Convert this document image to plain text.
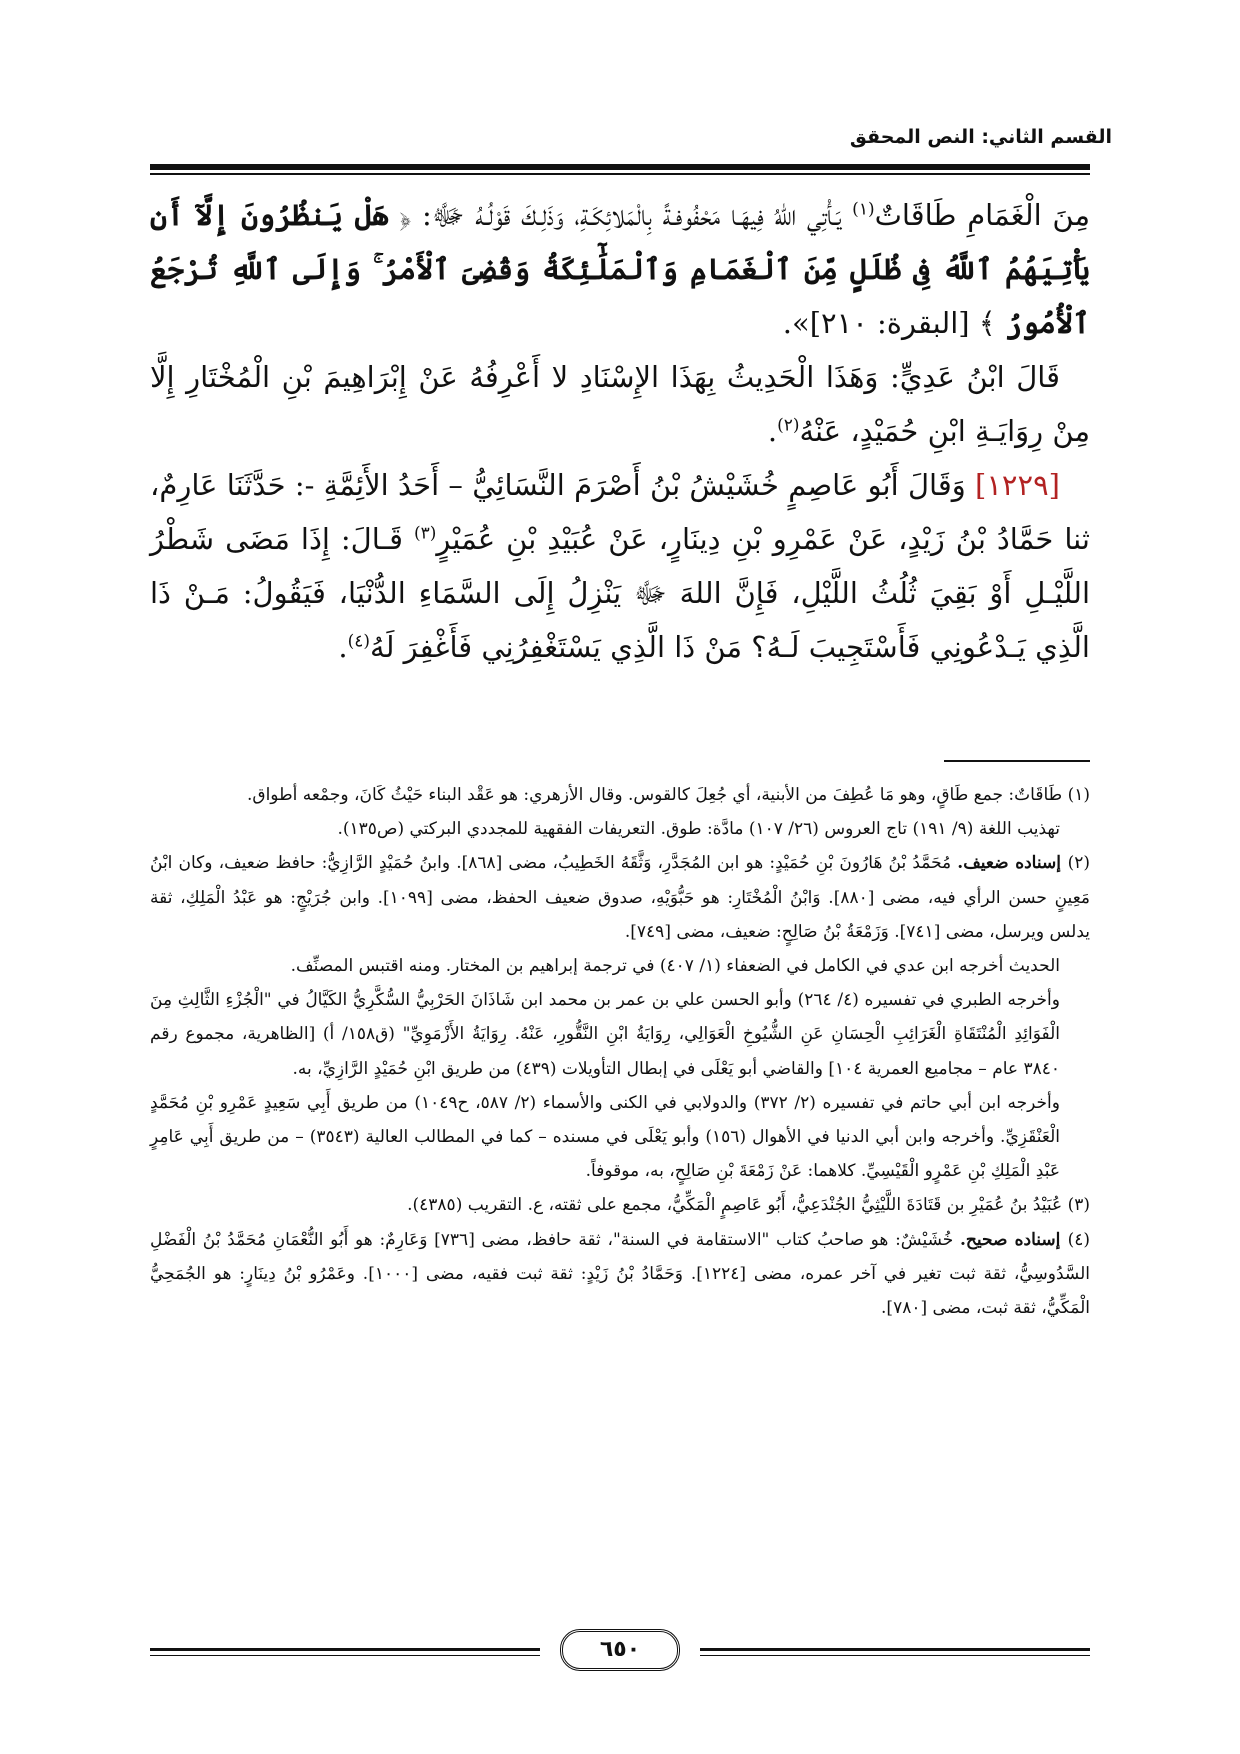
القسم الثاني: النص المحقق

مِنَ الْغَمَامِ طَاقَاتٌ$^{(١)}$ يَـأْتِي اللهُ فِيهَـا مَحْفُوفـةً بِالْمَلائِكَـةِ، وَذَلِـكَ قَوْلُـهُ ﷻ: ﴿ هَلْ يَنظُرُونَ إِلَّآ أَن يَأْتِيَهُمُ ٱللَّهُ فِى ظُلَلٍ مِّنَ ٱلْغَمَامِ وَٱلْمَلَٰٓئِكَةُ وَقُضِىَ ٱلْأَمْرُ ۚ وَإِلَى ٱللَّهِ تُرْجَعُ ٱلْأُمُورُ ﴾ [البقرة: ٢١٠]».

قَالَ ابْنُ عَدِيٍّ: وَهَذَا الْحَدِيثُ بِهَذَا الإِسْنَادِ لا أَعْرِفُهُ عَنْ إِبْرَاهِيمَ بْنِ الْمُخْتَارِ إِلَّا مِنْ رِوَايَـةِ ابْنِ حُمَيْدٍ، عَنْهُ$^{(٢)}$.

[١٢٢٩] وَقَالَ أَبُو عَاصِمٍ خُشَيْشُ بْنُ أَصْرَمَ النَّسَائِيُّ – أَحَدُ الأَئِمَّةِ -: حَدَّثَنَا عَارِمٌ، ثنا حَمَّادُ بْنُ زَيْدٍ، عَنْ عَمْرِو بْنِ دِينَارٍ، عَنْ عُبَيْدِ بْنِ عُمَيْرٍ$^{(٣)}$ قَـالَ: إِذَا مَضَى شَطْرُ اللَّيْـلِ أَوْ بَقِيَ ثُلُثُ اللَّيْلِ، فَإِنَّ اللهَ ﷻ يَنْزِلُ إِلَى السَّمَاءِ الدُّنْيَا، فَيَقُولُ: مَـنْ ذَا الَّذِي يَـدْعُونِي فَأَسْتَجِيبَ لَـهُ؟ مَنْ ذَا الَّذِي يَسْتَغْفِرُنِي فَأَغْفِرَ لَهُ$^{(٤)}$.

(١) طَاقَاتٌ: جمع طَاقٍ، وهو مَا عُطِفَ من الأبنية، أي جُعِلَ كالقوس. وقال الأزهري: هو عَقْد البناء حَيْثُ كَانَ، وجمْعه أطواق.

تهذيب اللغة (٩/ ١٩١) تاج العروس (٢٦/ ١٠٧) مادَّة: طوق. التعريفات الفقهية للمجددي البركتي (ص١٣٥).

(٢) إسناده ضعيف. مُحَمَّدُ بْنُ هَارُونَ بْنِ حُمَيْدٍ: هو ابن المُجَدَّرِ، وَثَّقَهُ الخَطِيبُ، مضى [٨٦٨]. وابنُ حُمَيْدٍ الرَّازِيُّ: حافظ ضعيف، وكان ابْنُ مَعِينٍ حسن الرأي فيه، مضى [٨٨٠]. وَابْنُ الْمُخْتَارِ: هو حَبُّوَيْهِ، صدوق ضعيف الحفظ، مضى [١٠٩٩]. وابن جُرَيْجٍ: هو عَبْدُ الْمَلِكِ، ثقة يدلس ويرسل، مضى [٧٤١]. وَزَمْعَةُ بْنُ صَالِحٍ: ضعيف، مضى [٧٤٩].

الحديث أخرجه ابن عدي في الكامل في الضعفاء (١/ ٤٠٧) في ترجمة إبراهيم بن المختار. ومنه اقتبس المصنِّف.

وأخرجه الطبري في تفسيره (٤/ ٢٦٤) وأبو الحسن علي بن عمر بن محمد ابن شَاذَانَ الحَرْبِيُّ السُّكَّرِيُّ الكَيَّالُ في "الْجُزْءِ الثَّالِثِ مِنَ الْفَوَائِدِ الْمُنْتَقَاةِ الْغَرَائِبِ الْحِسَانِ عَنِ الشُّيُوخِ الْعَوَالِي، رِوَايَةُ ابْنِ النَّقُّورِ، عَنْهُ. رِوَايَةُ الأَزْمَوِيِّ" (ق١٥٨/ أ) [الظاهرية، مجموع رقم ٣٨٤٠ عام – مجاميع العمرية ١٠٤] والقاضي أبو يَعْلَى في إبطال التأويلات (٤٣٩) من طريق ابْنِ حُمَيْدٍ الرَّازِيِّ، به.

وأخرجه ابن أبي حاتم في تفسيره (٢/ ٣٧٢) والدولابي في الكنى والأسماء (٢/ ٥٨٧، ح١٠٤٩) من طريق أَبِي سَعِيدٍ عَمْرِو بْنِ مُحَمَّدٍ الْعَنْقَزِيِّ. وأخرجه وابن أبي الدنيا في الأهوال (١٥٦) وأبو يَعْلَى في مسنده – كما في المطالب العالية (٣٥٤٣) – من طريق أَبِي عَامِرٍ عَبْدِ الْمَلِكِ بْنِ عَمْرٍو الْقَيْسِيِّ. كلاهما: عَنْ زَمْعَةَ بْنِ صَالِحٍ، به، موقوفاً.

(٣) عُبَيْدُ بنُ عُمَيْرِ بن قَتَادَةَ اللَّيْثِيُّ الجُنْدَعِيُّ، أَبُو عَاصِمٍ الْمَكِّيُّ، مجمع على ثقته، ع. التقريب (٤٣٨٥).

(٤) إسناده صحيح. خُشَيْشٌ: هو صاحبُ كتاب "الاستقامة في السنة"، ثقة حافظ، مضى [٧٣٦] وَعَارِمٌ: هو أَبُو النُّعْمَانِ مُحَمَّدُ بْنُ الْفَضْلِ السَّدُوسِيُّ، ثقة ثبت تغير في آخر عمره، مضى [١٢٢٤]. وَحَمَّادُ بْنُ زَيْدٍ: ثقة ثبت فقيه، مضى [١٠٠٠]. وعَمْرُو بْنُ دِينَارٍ: هو الجُمَحِيُّ الْمَكِّيُّ، ثقة ثبت، مضى [٧٨٠].

٦٥٠
